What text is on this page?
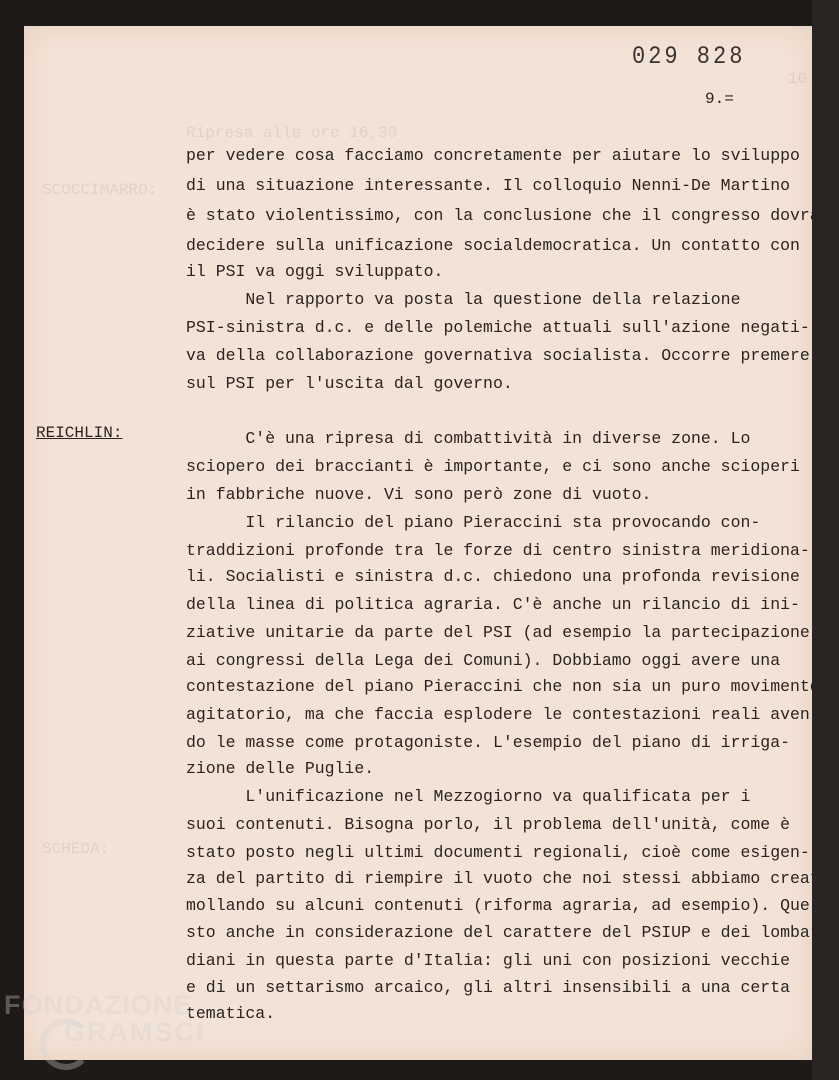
Ripresa alle ore 16,30
SCOCCIMARRO:
SCHEDA:
10.
029 828
9.=
REICHLIN:
per vedere cosa facciamo concretamente per aiutare lo sviluppo
di una situazione interessante. Il colloquio Nenni-De Martino
è stato violentissimo, con la conclusione che il congresso dovrà
decidere sulla unificazione socialdemocratica. Un contatto con
il PSI va oggi sviluppato.
Nel rapporto va posta la questione della relazione
PSI-sinistra d.c. e delle polemiche attuali sull'azione negati-
va della collaborazione governativa socialista. Occorre premere
sul PSI per l'uscita dal governo.
C'è una ripresa di combattività in diverse zone. Lo
sciopero dei braccianti è importante, e ci sono anche scioperi
in fabbriche nuove. Vi sono però zone di vuoto.
Il rilancio del piano Pieraccini sta provocando con-
traddizioni profonde tra le forze di centro sinistra meridiona-
li. Socialisti e sinistra d.c. chiedono una profonda revisione
della linea di politica agraria. C'è anche un rilancio di ini-
ziative unitarie da parte del PSI (ad esempio la partecipazione
ai congressi della Lega dei Comuni). Dobbiamo oggi avere una
contestazione del piano Pieraccini che non sia un puro movimento
agitatorio, ma che faccia esplodere le contestazioni reali aven-
do le masse come protagoniste. L'esempio del piano di irriga-
zione delle Puglie.
L'unificazione nel Mezzogiorno va qualificata per i
suoi contenuti. Bisogna porlo, il problema dell'unità, come è
stato posto negli ultimi documenti regionali, cioè come esigen-
za del partito di riempire il vuoto che noi stessi abbiamo creato
mollando su alcuni contenuti (riforma agraria, ad esempio). Que-
sto anche in considerazione del carattere del PSIUP e dei lombar-
diani in questa parte d'Italia: gli uni con posizioni vecchie
e di un settarismo arcaico, gli altri insensibili a una certa
tematica.
FONDAZIONE
GRAMSCI
